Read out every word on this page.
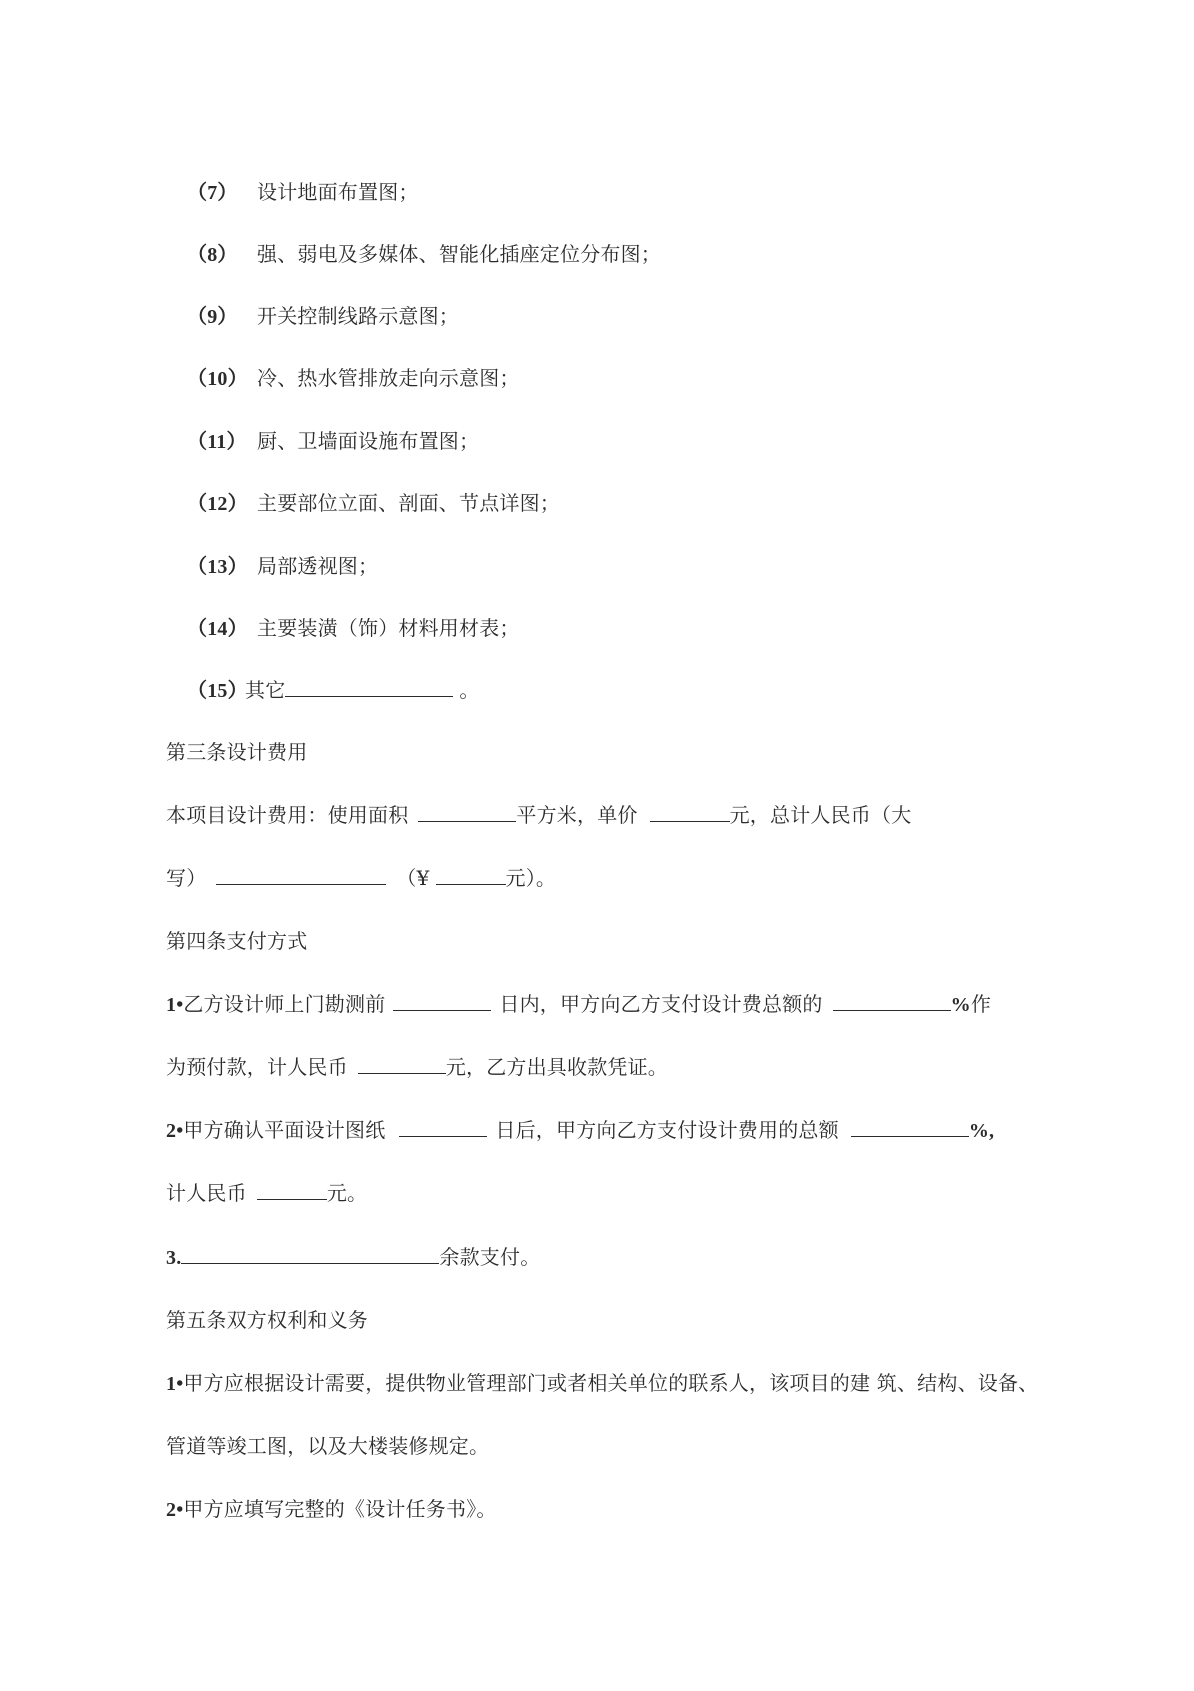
（7） 设计地面布置图；
（8） 强、弱电及多媒体、智能化插座定位分布图；
（9） 开关控制线路示意图；
（10） 冷、热水管排放走向示意图；
（11） 厨、卫墙面设施布置图；
（12） 主要部位立面、剖面、节点详图；
（13） 局部透视图；
（14） 主要装潢（饰）材料用材表；
（15）其它	。
第三条设计费用
本项目设计费用：使用面积	平方米，单价	元，总计人民币（大
写）	（¥	元）。
第四条支付方式
1•乙方设计师上门勘测前	日内，甲方向乙方支付设计费总额的	%作
为预付款，计人民币	元，乙方出具收款凭证。
2•甲方确认平面设计图纸	日后，甲方向乙方支付设计费用的总额	%,
计人民币	元。
3.	余款支付。
第五条双方权利和义务
1•甲方应根据设计需要，提供物业管理部门或者相关单位的联系人，该项目的建 筑、结构、设备、
管道等竣工图，以及大楼装修规定。
2•甲方应填写完整的《设计任务书》。
